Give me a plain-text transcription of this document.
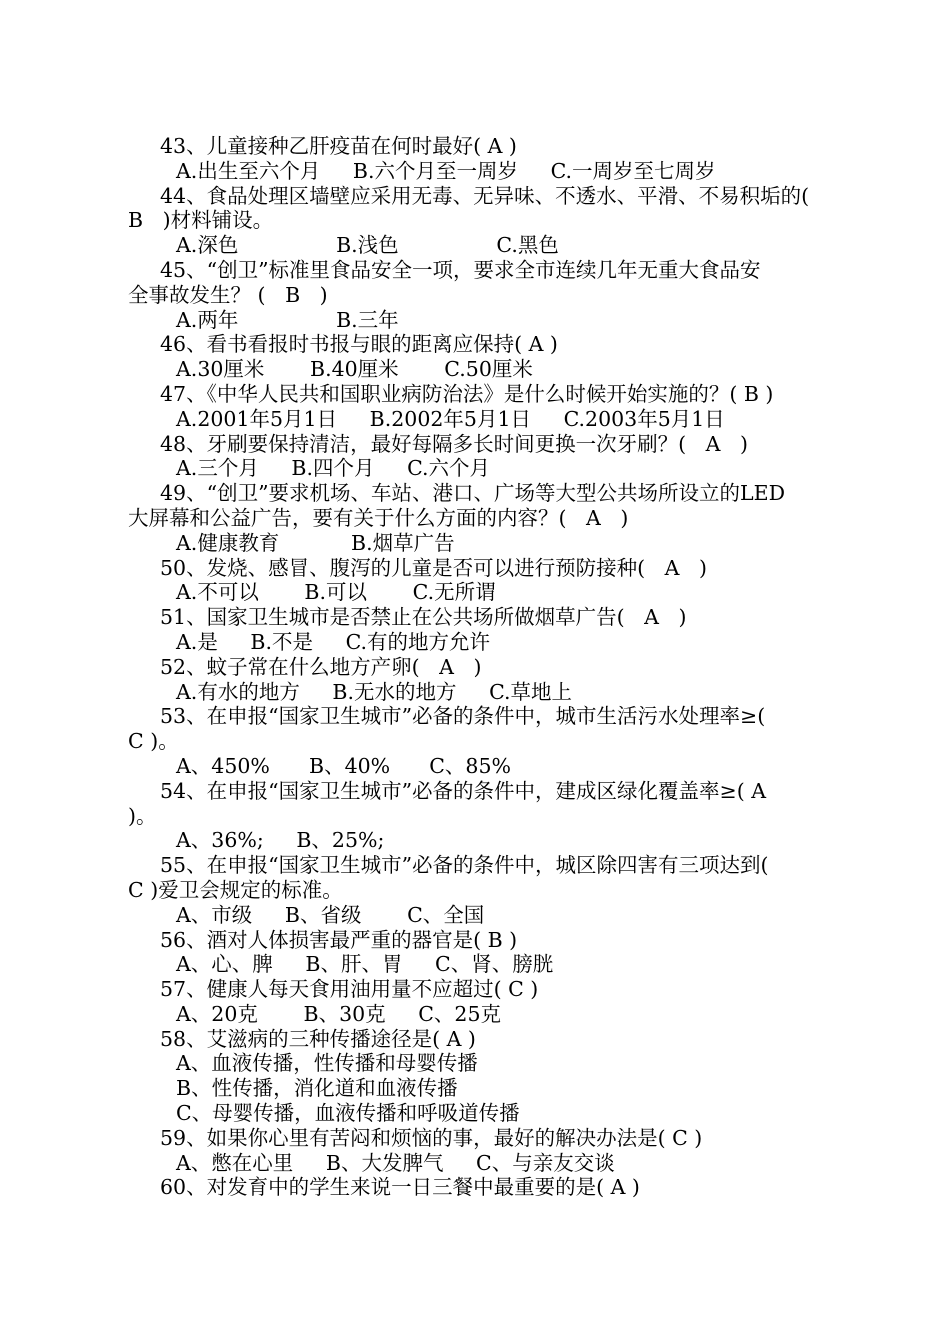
43、儿童接种乙肝疫苗在何时最好( A )
A.出生至六个月     B.六个月至一周岁     C.一周岁至七周岁
44、食品处理区墙壁应采用无毒、无异味、不透水、平滑、不易积垢的(
B   )材料铺设。
A.深色               B.浅色               C.黑色
45、“创卫”标准里食品安全一项，要求全市连续几年无重大食品安
全事故发生？ (   B   )
A.两年               B.三年
46、看书看报时书报与眼的距离应保持( A )
A.30厘米       B.40厘米       C.50厘米
47、《中华人民共和国职业病防治法》是什么时候开始实施的？( B )
A.2001年5月1日     B.2002年5月1日     C.2003年5月1日
48、牙刷要保持清洁，最好每隔多长时间更换一次牙刷？(   A   )
A.三个月     B.四个月     C.六个月
49、“创卫”要求机场、车站、港口、广场等大型公共场所设立的LED
大屏幕和公益广告，要有关于什么方面的内容？(   A   )
A.健康教育           B.烟草广告
50、发烧、感冒、腹泻的儿童是否可以进行预防接种(   A   )
A.不可以       B.可以       C.无所谓
51、国家卫生城市是否禁止在公共场所做烟草广告(   A   )
A.是     B.不是     C.有的地方允许
52、蚊子常在什么地方产卵(   A   )
A.有水的地方     B.无水的地方     C.草地上
53、在申报“国家卫生城市”必备的条件中，城市生活污水处理率≥(
C )。
A、450%      B、40%      C、85%
54、在申报“国家卫生城市”必备的条件中，建成区绿化覆盖率≥( A
)。
A、36%;     B、25%;
55、在申报“国家卫生城市”必备的条件中，城区除四害有三项达到(
C )爱卫会规定的标准。
A、市级     B、省级       C、全国
56、酒对人体损害最严重的器官是( B )
A、心、脾     B、肝、胃     C、肾、膀胱
57、健康人每天食用油用量不应超过( C )
A、20克       B、30克     C、25克
58、艾滋病的三种传播途径是( A )
A、血液传播，性传播和母婴传播
B、性传播，消化道和血液传播
C、母婴传播，血液传播和呼吸道传播
59、如果你心里有苦闷和烦恼的事，最好的解决办法是( C )
A、憋在心里     B、大发脾气     C、与亲友交谈
60、对发育中的学生来说一日三餐中最重要的是( A )
